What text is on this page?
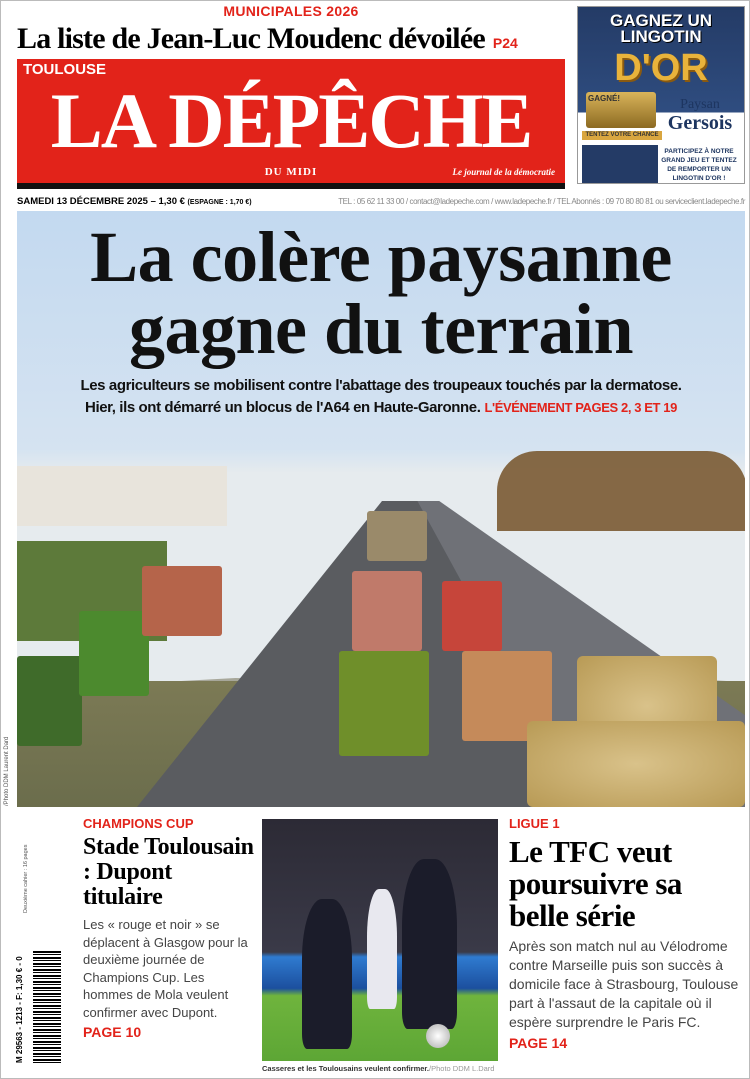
MUNICIPALES 2026
La liste de Jean-Luc Moudenc dévoilée P24
GAGNEZ UN LINGOTIN
D'OR
GAGNÉ!
TENTEZ VOTRE CHANCE
Paysan
Gersois
PARTICIPEZ À NOTRE GRAND JEU ET TENTEZ DE REMPORTER UN LINGOTIN D'OR !
TOULOUSE
LA DÉPÊCHE
DU MIDI	Le journal de la démocratie
SAMEDI 13 DÉCEMBRE 2025 – 1,30 € (ESPAGNE : 1,70 €)	TEL : 05 62 11 33 00 / contact@ladepeche.com / www.ladepeche.fr / TEL Abonnés : 09 70 80 80 81 ou serviceclient.ladepeche.fr
La colère paysanne
gagne du terrain
Les agriculteurs se mobilisent contre l'abattage des troupeaux touchés par la dermatose.
Hier, ils ont démarré un blocus de l'A64 en Haute-Garonne. L'ÉVÉNEMENT PAGES 2, 3 ET 19
/Photo DDM Laurent Dard
CHAMPIONS CUP
Stade Toulousain : Dupont titulaire

Les « rouge et noir » se déplacent à Glasgow pour la deuxième journée de Champions Cup. Les hommes de Mola veulent confirmer avec Dupont.

PAGE 10
Casseres et les Toulousains veulent confirmer./Photo DDM L.Dard
LIGUE 1
Le TFC veut poursuivre sa belle série

Après son match nul au Vélodrome contre Marseille puis son succès à domicile face à Strasbourg, Toulouse part à l'assaut de la capitale où il espère surprendre le Paris FC.

PAGE 14
Deuxième cahier : 16 pages
M 29563 - 1213 - F: 1,30 € - 0
